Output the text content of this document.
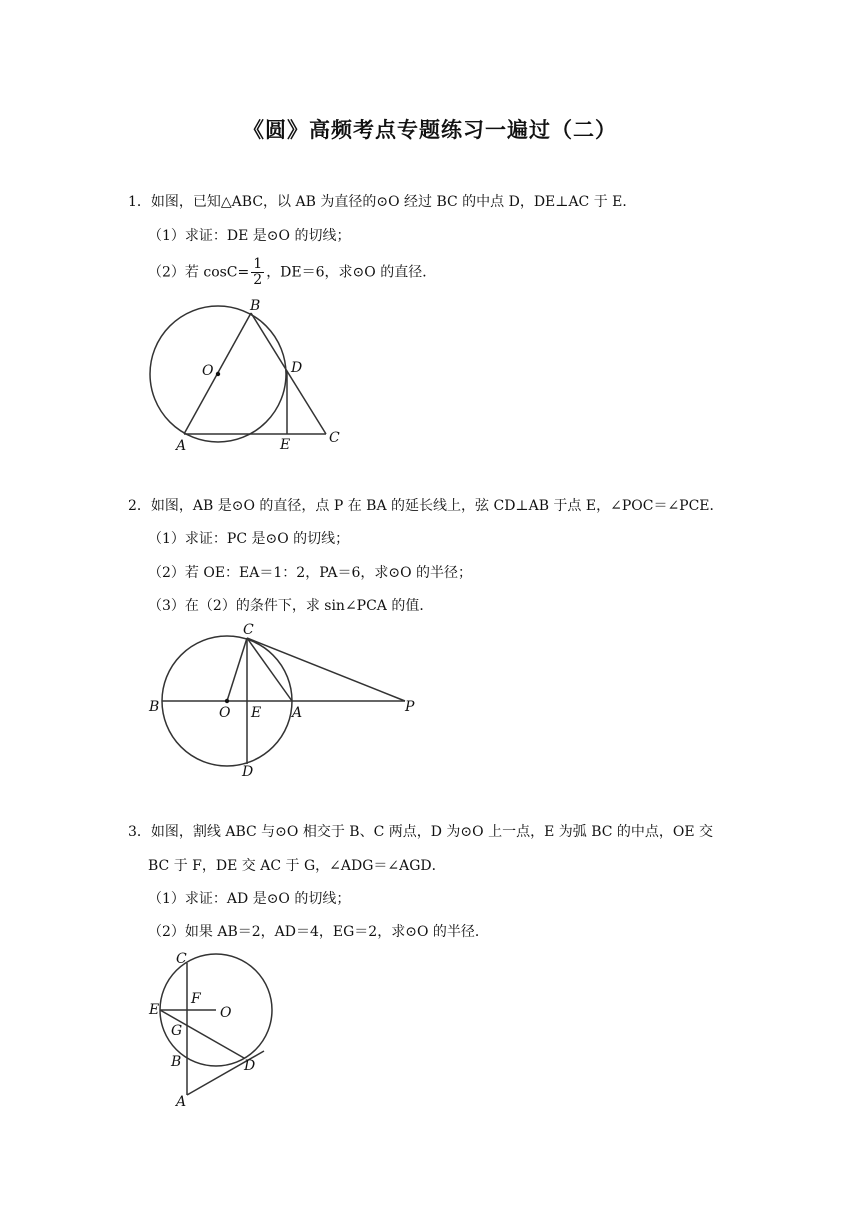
《圆》高频考点专题练习一遍过（二）
1．如图，已知△ABC，以 AB 为直径的⊙O 经过 BC 的中点 D，DE⊥AC 于 E．
（1）求证：DE 是⊙O 的切线；
（2）若 $\cos C= \frac{1}{2}$ ，DE＝6，求⊙O 的直径．
B
O	D
A	E	C
2．如图，AB 是⊙O 的直径，点 P 在 BA 的延长线上，弦 CD⊥AB 于点 E，∠POC＝∠PCE．
（1）求证：PC 是⊙O 的切线；
（2）若 OE：EA＝1：2，PA＝6，求⊙O 的半径；
（3）在（2）的条件下，求 sin∠PCA 的值．
C
B	O E A	P
D
3．如图，割线 ABC 与⊙O 相交于 B、C 两点，D 为⊙O 上一点，E 为弧 BC 的中点，OE 交
BC 于 F，DE 交 AC 于 G，∠ADG＝∠AGD．
（1）求证：AD 是⊙O 的切线；
（2）如果 AB＝2，AD＝4，EG＝2，求⊙O 的半径．
C
F
E	O
G
B	D
A
